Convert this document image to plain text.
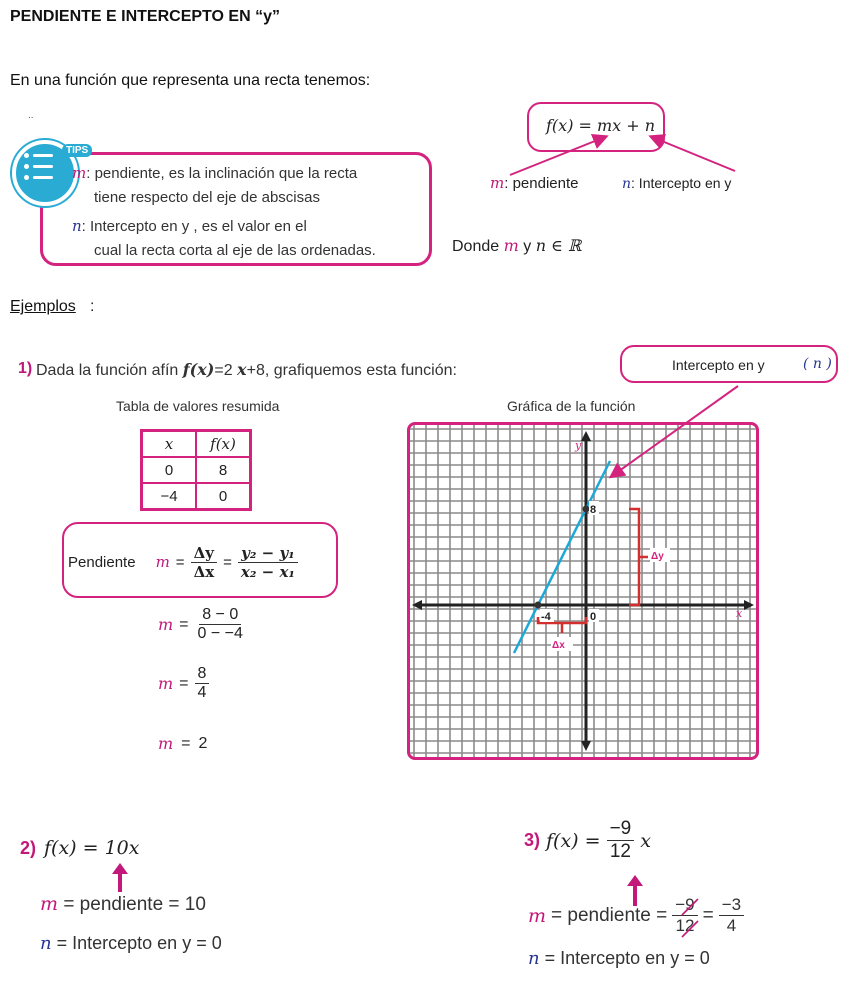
PENDIENTE E INTERCEPTO EN “y”
En una función que representa una recta tenemos:
..
TIPS
m: pendiente, es la inclinación que la recta
tiene respecto del eje de abscisas
n: Intercepto en y , es el valor en el
cual la recta corta al eje de las ordenadas.
f(x) = mx + n
m: pendiente	n: Intercepto en y
Donde m y n ∈ ℝ
Ejemplos :
1) Dada la función afín f(x)=2 x+8, grafiquemos esta función:	Intercepto en y	( n )
Tabla de valores resumida	Gráfica de la función
x	f(x)
0	8
−4	0
Pendiente $m = \frac{\Delta y}{\Delta x} = \frac{\text{y₂ − y₁}}{\text{x₂ − x₁}}$
$m = \frac{8 - 0}{0 - -4}$
$m = \frac{8}{4}$
m = 2
x
y
8
-4	0
Δy
Δx
2) f(x) = 10x
m = pendiente = 10
n = Intercepto en y = 0
3) $f(x) = \frac{-9}{12}$ x
m = pendiente = $\frac{-9}{12} = \frac{-3}{4}$
n = Intercepto en y = 0
